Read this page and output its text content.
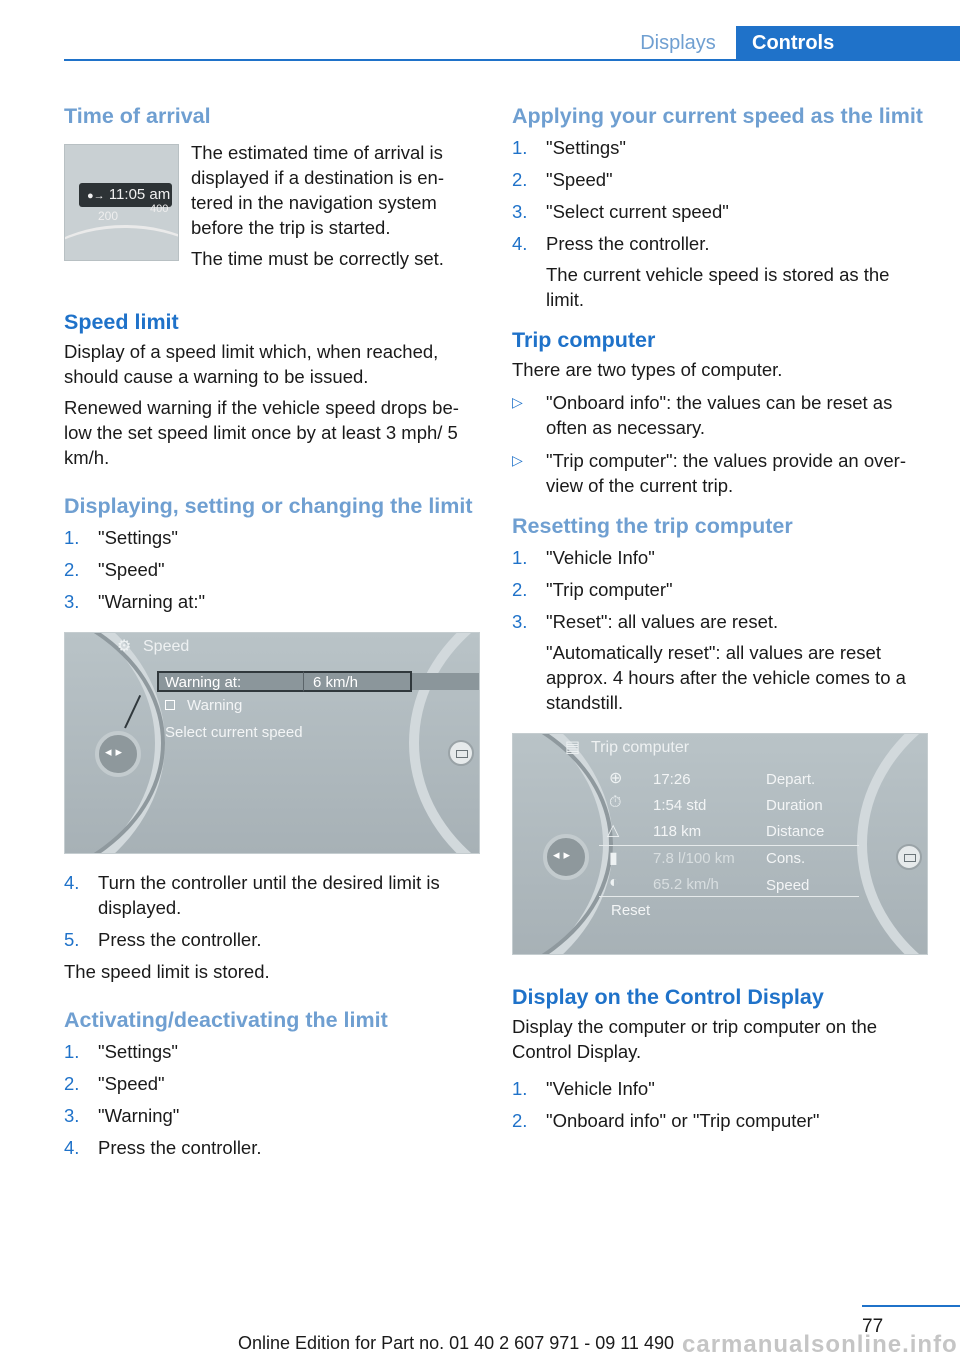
Displays	Controls
Time of arrival
●→ 11:05 am
200	400

The estimated time of arrival is displayed if a destination is en-tered in the navigation system before the trip is started.

The time must be correctly set.

Speed limit

Display of a speed limit which, when reached, should cause a warning to be issued.

Renewed warning if the vehicle speed drops be-low the set speed limit once by at least 3 mph/ 5 km/h.

Displaying, setting or changing the limit
1. "Settings"
2. "Speed"
3. "Warning at:"
◂▸
⚙ Speed
Warning at:	6 km/h
Warning
Select current speed
4. Turn the controller until the desired limit is displayed.
5. Press the controller.

The speed limit is stored.

Activating/deactivating the limit
1. "Settings"
2. "Speed"
3. "Warning"
4. Press the controller.
Applying your current speed as the limit
1. "Settings"
2. "Speed"
3. "Select current speed"
4. Press the controller.
The current vehicle speed is stored as the limit.
Trip computer

There are two types of computer.

▷ "Onboard info": the values can be reset as often as necessary.
▷ "Trip computer": the values provide an over-view of the current trip.
Resetting the trip computer
1. "Vehicle Info"
2. "Trip computer"
3. "Reset": all values are reset.
"Automatically reset": all values are reset approx. 4 hours after the vehicle comes to a standstill.
◂▸
▤ Trip computer
⊕ 17:26	Depart.
⏱ 1:54 std	Duration
△ 118 km	Distance
▮ 7.8 l/100 km Cons.
◐ 65.2 km/h	Speed
Reset
Display on the Control Display

Display the computer or trip computer on the Control Display.

1. "Vehicle Info"
2. "Onboard info" or "Trip computer"
77
Online Edition for Part no. 01 40 2 607 971 - 09 11 490 carmanualsonline.info
